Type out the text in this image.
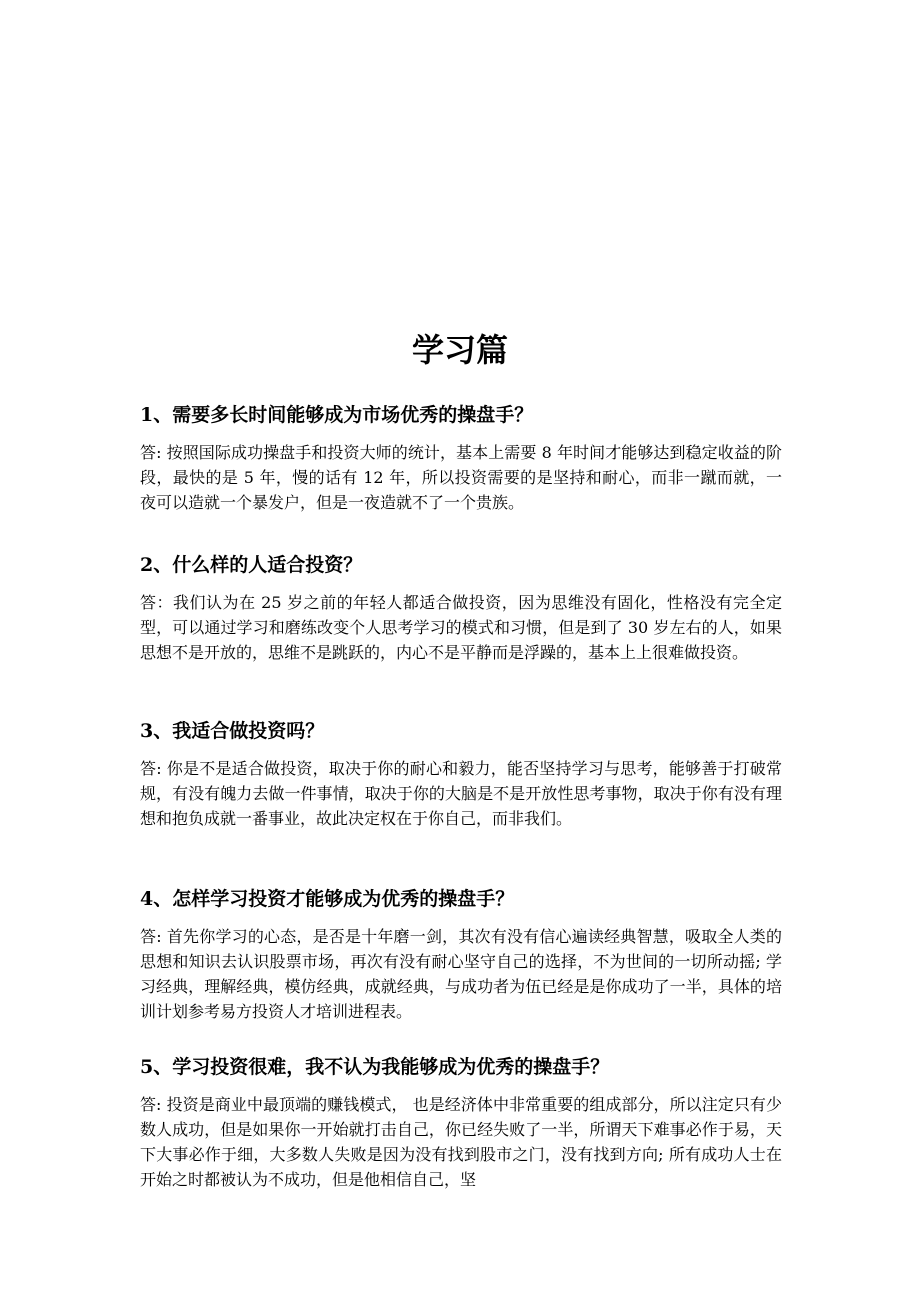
学习篇

1、需要多长时间能够成为市场优秀的操盘手？

答: 按照国际成功操盘手和投资大师的统计，基本上需要 8 年时间才能够达到稳定收益的阶段，最快的是 5 年，慢的话有 12 年，所以投资需要的是坚持和耐心，而非一蹴而就，一夜可以造就一个暴发户，但是一夜造就不了一个贵族。

2、什么样的人适合投资？

答：我们认为在 25 岁之前的年轻人都适合做投资，因为思维没有固化，性格没有完全定型，可以通过学习和磨练改变个人思考学习的模式和习惯，但是到了 30 岁左右的人，如果思想不是开放的，思维不是跳跃的，内心不是平静而是浮躁的，基本上上很难做投资。

3、我适合做投资吗？

答: 你是不是适合做投资，取决于你的耐心和毅力，能否坚持学习与思考，能够善于打破常规，有没有魄力去做一件事情，取决于你的大脑是不是开放性思考事物，取决于你有没有理想和抱负成就一番事业，故此决定权在于你自己，而非我们。

4、怎样学习投资才能够成为优秀的操盘手？

答: 首先你学习的心态，是否是十年磨一剑，其次有没有信心遍读经典智慧，吸取全人类的思想和知识去认识股票市场，再次有没有耐心坚守自己的选择，不为世间的一切所动摇; 学习经典，理解经典，模仿经典，成就经典，与成功者为伍已经是是你成功了一半，具体的培训计划参考易方投资人才培训进程表。

5、学习投资很难，我不认为我能够成为优秀的操盘手？

答: 投资是商业中最顶端的赚钱模式， 也是经济体中非常重要的组成部分，所以注定只有少数人成功，但是如果你一开始就打击自己，你已经失败了一半，所谓天下难事必作于易，天下大事必作于细，大多数人失败是因为没有找到股市之门，没有找到方向; 所有成功人士在开始之时都被认为不成功，但是他相信自己，坚
